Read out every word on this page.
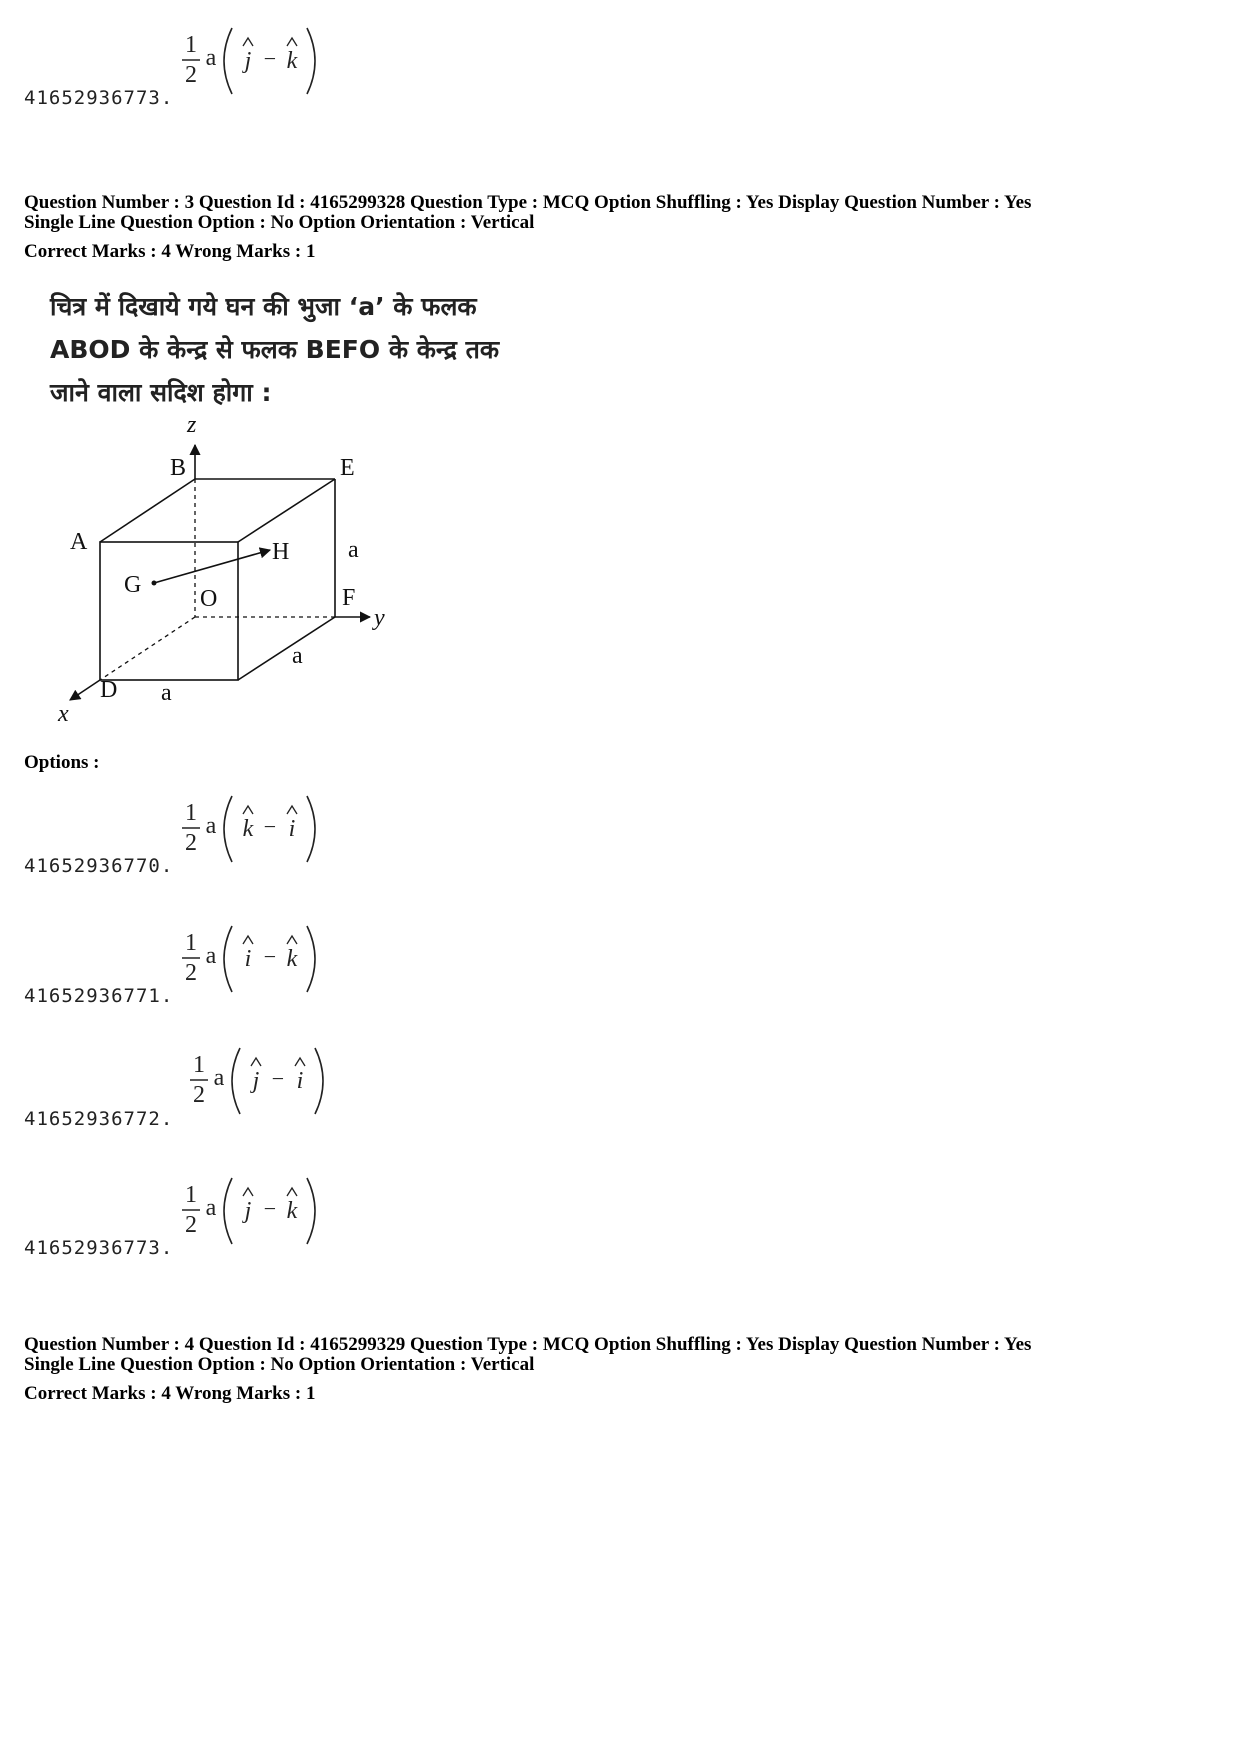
41652936773.
1
2
a j − k
Question Number : 3 Question Id : 4165299328 Question Type : MCQ Option Shuffling : Yes Display Question Number : Yes
Single Line Question Option : No Option Orientation : Vertical
Correct Marks : 4 Wrong Marks : 1
चित्र में दिखाये गये घन की भुजा ‘a’ के फलक
ABOD के केन्द्र से फलक BEFO के केन्द्र तक
जाने वाला सदिश होगा :
z
B	E
A	H a
G
O	F
y
a
D a
x
Options :
41652936770.
1
2
a k − i
41652936771.
1
2
a i − k
41652936772.
1
2
a j − i
41652936773.
1
2
a j − k
Question Number : 4 Question Id : 4165299329 Question Type : MCQ Option Shuffling : Yes Display Question Number : Yes
Single Line Question Option : No Option Orientation : Vertical
Correct Marks : 4 Wrong Marks : 1
